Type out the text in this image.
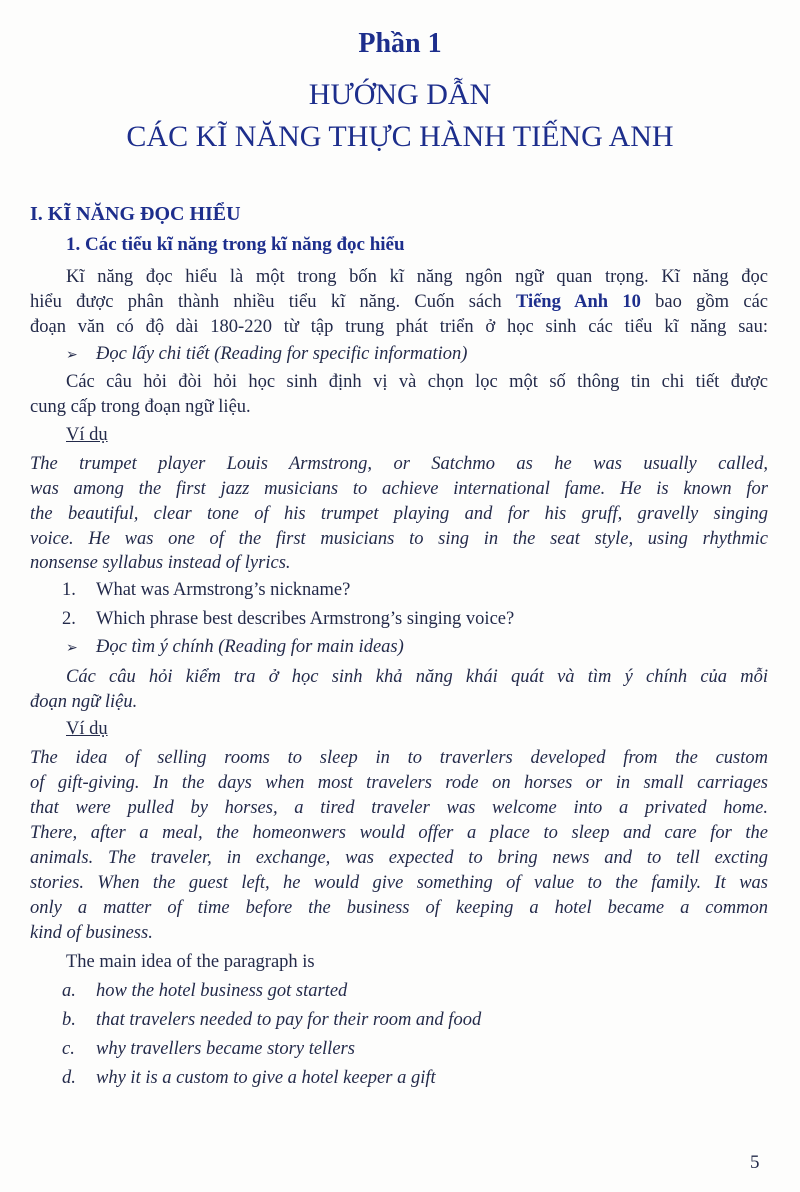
Phần 1
HƯỚNG DẪN
CÁC KĨ NĂNG THỰC HÀNH TIẾNG ANH
I. KĨ NĂNG ĐỌC HIỂU
1. Các tiểu kĩ năng trong kĩ năng đọc hiểu
Kĩ năng đọc hiểu là một trong bốn kĩ năng ngôn ngữ quan trọng. Kĩ năng đọc
hiểu được phân thành nhiều tiểu kĩ năng. Cuốn sách Tiếng Anh 10 bao gồm các
đoạn văn có độ dài 180-220 từ tập trung phát triển ở học sinh các tiểu kĩ năng sau:
➢ Đọc lấy chi tiết (Reading for specific information)
Các câu hỏi đòi hỏi học sinh định vị và chọn lọc một số thông tin chi tiết được
cung cấp trong đoạn ngữ liệu.
Ví dụ
The trumpet player Louis Armstrong, or Satchmo as he was usually called,
was among the first jazz musicians to achieve international fame. He is known for
the beautiful, clear tone of his trumpet playing and for his gruff, gravelly singing
voice. He was one of the first musicians to sing in the seat style, using rhythmic
nonsense syllabus instead of lyrics.
1. What was Armstrong’s nickname?
2. Which phrase best describes Armstrong’s singing voice?
➢ Đọc tìm ý chính (Reading for main ideas)
Các câu hỏi kiểm tra ở học sinh khả năng khái quát và tìm ý chính của mỗi
đoạn ngữ liệu.
Ví dụ
The idea of selling rooms to sleep in to traverlers developed from the custom
of gift-giving. In the days when most travelers rode on horses or in small carriages
that were pulled by horses, a tired traveler was welcome into a privated home.
There, after a meal, the homeonwers would offer a place to sleep and care for the
animals. The traveler, in exchange, was expected to bring news and to tell excting
stories. When the guest left, he would give something of value to the family. It was
only a matter of time before the business of keeping a hotel became a common
kind of business.
The main idea of the paragraph is
a. how the hotel business got started
b. that travelers needed to pay for their room and food
c. why travellers became story tellers
d. why it is a custom to give a hotel keeper a gift
5
